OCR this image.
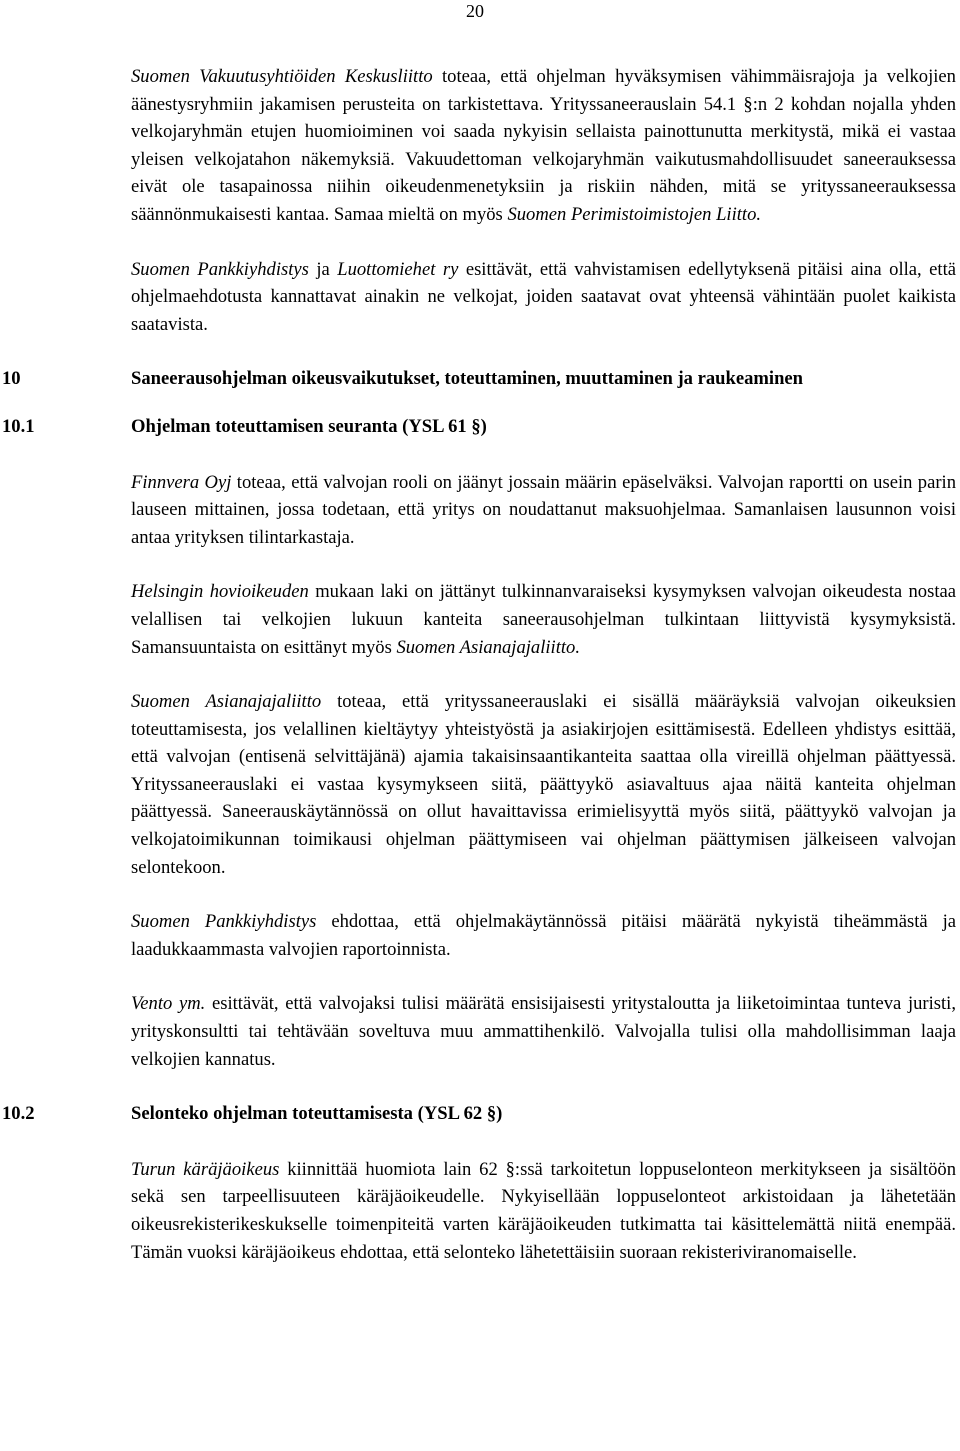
20

Suomen Vakuutusyhtiöiden Keskusliitto toteaa, että ohjelman hyväksymisen vähimmäisrajoja ja velkojien äänestysryhmiin jakamisen perusteita on tarkistettava. Yrityssaneerauslain 54.1 §:n 2 kohdan nojalla yhden velkojaryhmän etujen huomioiminen voi saada nykyisin sellaista painottunutta merkitystä, mikä ei vastaa yleisen velkojatahon näkemyksiä. Vakuudettoman velkojaryhmän vaikutusmahdollisuudet saneerauksessa eivät ole tasapainossa niihin oikeudenmenetyksiin ja riskiin nähden, mitä se yrityssaneerauksessa säännönmukaisesti kantaa. Samaa mieltä on myös Suomen Perimistoimistojen Liitto.

Suomen Pankkiyhdistys ja Luottomiehet ry esittävät, että vahvistamisen edellytyksenä pitäisi aina olla, että ohjelmaehdotusta kannattavat ainakin ne velkojat, joiden saatavat ovat yhteensä vähintään puolet kaikista saatavista.

10	Saneerausohjelman oikeusvaikutukset, toteuttaminen, muuttaminen ja raukeaminen
10.1	Ohjelman toteuttamisen seuranta (YSL 61 §)

Finnvera Oyj toteaa, että valvojan rooli on jäänyt jossain määrin epäselväksi. Valvojan raportti on usein parin lauseen mittainen, jossa todetaan, että yritys on noudattanut maksuohjelmaa. Samanlaisen lausunnon voisi antaa yrityksen tilintarkastaja.

Helsingin hovioikeuden mukaan laki on jättänyt tulkinnanvaraiseksi kysymyksen valvojan oikeudesta nostaa velallisen tai velkojien lukuun kanteita saneerausohjelman tulkintaan liittyvistä kysymyksistä. Samansuuntaista on esittänyt myös Suomen Asianajajaliitto.

Suomen Asianajajaliitto toteaa, että yrityssaneerauslaki ei sisällä määräyksiä valvojan oikeuksien toteuttamisesta, jos velallinen kieltäytyy yhteistyöstä ja asiakirjojen esittämisestä. Edelleen yhdistys esittää, että valvojan (entisenä selvittäjänä) ajamia takaisinsaantikanteita saattaa olla vireillä ohjelman päättyessä. Yrityssaneerauslaki ei vastaa kysymykseen siitä, päättyykö asiavaltuus ajaa näitä kanteita ohjelman päättyessä. Saneerauskäytännössä on ollut havaittavissa erimielisyyttä myös siitä, päättyykö valvojan ja velkojatoimikunnan toimikausi ohjelman päättymiseen vai ohjelman päättymisen jälkeiseen valvojan selontekoon.

Suomen Pankkiyhdistys ehdottaa, että ohjelmakäytännössä pitäisi määrätä nykyistä tiheämmästä ja laadukkaammasta valvojien raportoinnista.

Vento ym. esittävät, että valvojaksi tulisi määrätä ensisijaisesti yritystaloutta ja liiketoimintaa tunteva juristi, yrityskonsultti tai tehtävään soveltuva muu ammattihenkilö. Valvojalla tulisi olla mahdollisimman laaja velkojien kannatus.

10.2	Selonteko ohjelman toteuttamisesta (YSL 62 §)

Turun käräjäoikeus kiinnittää huomiota lain 62 §:ssä tarkoitetun loppuselonteon merkitykseen ja sisältöön sekä sen tarpeellisuuteen käräjäoikeudelle. Nykyisellään loppuselonteot arkistoidaan ja lähetetään oikeusrekisterikeskukselle toimenpiteitä varten käräjäoikeuden tutkimatta tai käsittelemättä niitä enempää. Tämän vuoksi käräjäoikeus ehdottaa, että selonteko lähetettäisiin suoraan rekisteriviranomaiselle.
